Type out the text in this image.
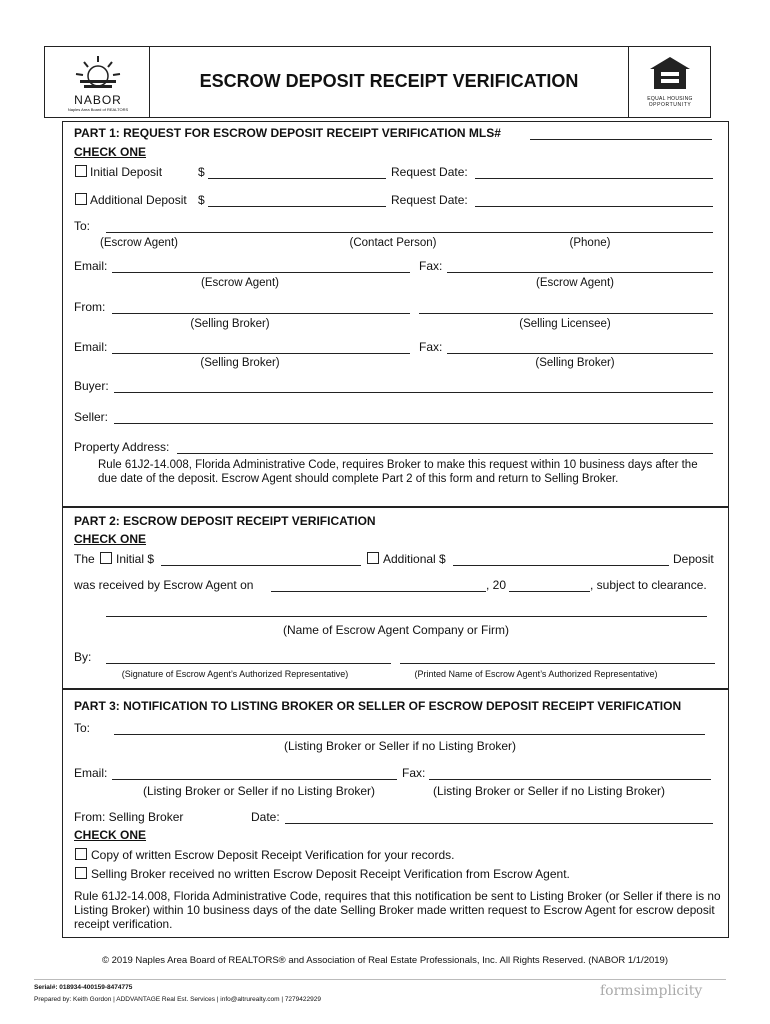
NABOR
Naples Area Board of REALTORS
ESCROW DEPOSIT RECEIPT VERIFICATION
EQUAL HOUSING
OPPORTUNITY
PART 1: REQUEST FOR ESCROW DEPOSIT RECEIPT VERIFICATION MLS#
CHECK ONE
Initial Deposit	$	Request Date:
Additional Deposit $	Request Date:
To:
(Escrow Agent)	(Contact Person)	(Phone)
Email:	Fax:
(Escrow Agent)	(Escrow Agent)
From:
(Selling Broker)	(Selling Licensee)
Email:	Fax:
(Selling Broker)	(Selling Broker)
Buyer:
Seller:
Property Address:
Rule 61J2-14.008, Florida Administrative Code, requires Broker to make this request within 10 business days after the due date of the deposit. Escrow Agent should complete Part 2 of this form and return to Selling Broker.
PART 2: ESCROW DEPOSIT RECEIPT VERIFICATION
CHECK ONE
The Initial $	Additional $	Deposit
was received by Escrow Agent on	, 20	, subject to clearance.
(Name of Escrow Agent Company or Firm)
By:
(Signature of Escrow Agent’s Authorized Representative)	(Printed Name of Escrow Agent’s Authorized Representative)
PART 3: NOTIFICATION TO LISTING BROKER OR SELLER OF ESCROW DEPOSIT RECEIPT VERIFICATION
To:
(Listing Broker or Seller if no Listing Broker)
Email:	Fax:
(Listing Broker or Seller if no Listing Broker)	(Listing Broker or Seller if no Listing Broker)
From: Selling Broker	Date:
CHECK ONE
Copy of written Escrow Deposit Receipt Verification for your records.
Selling Broker received no written Escrow Deposit Receipt Verification from Escrow Agent.
Rule 61J2-14.008, Florida Administrative Code, requires that this notification be sent to Listing Broker (or Seller if there is no Listing Broker) within 10 business days of the date Selling Broker made written request to Escrow Agent for escrow deposit receipt verification.
© 2019 Naples Area Board of REALTORS® and Association of Real Estate Professionals, Inc. All Rights Reserved. (NABOR 1/1/2019)
Serial#: 018934-400159-8474775
Prepared by: Keith Gordon | ADDVANTAGE Real Est. Services | info@altrurealty.com | 7279422929
formsimplicity
